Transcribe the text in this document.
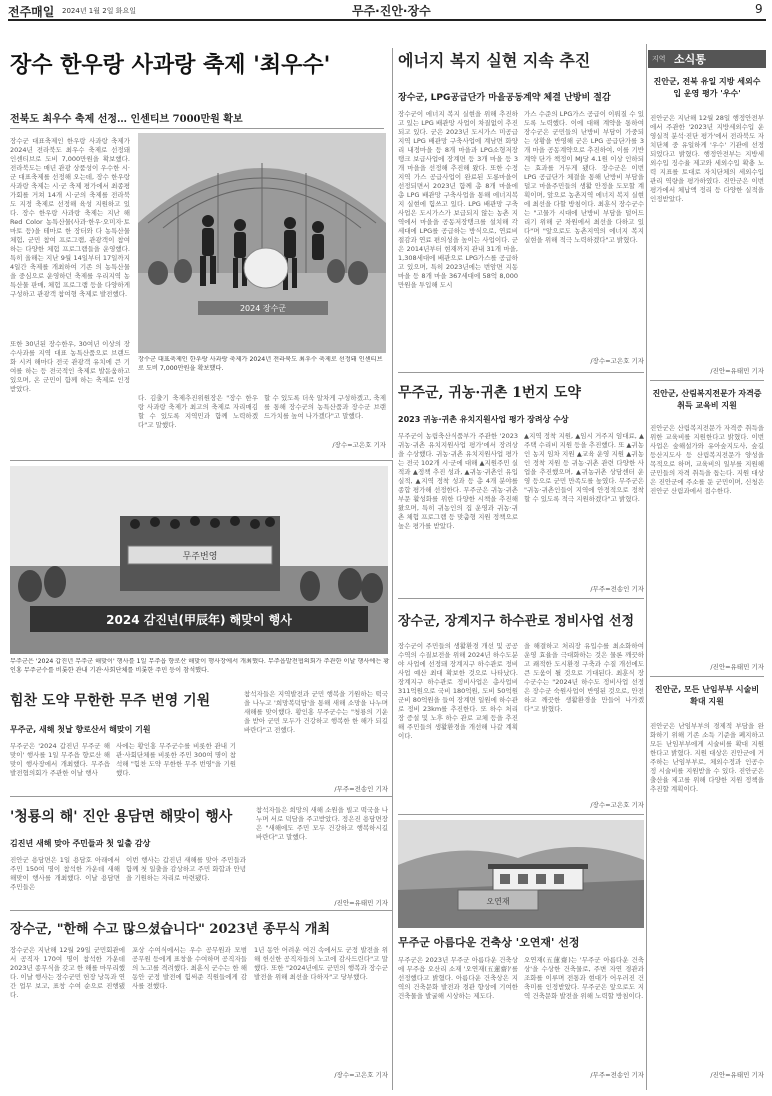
전주매일 2024년 1월 2일 화요일	무주·진안·장수	9
장수 한우랑 사과랑 축제 '최우수'
전북도 최우수 축제 선정… 인센티브 7000만원 확보
장수군 대표축제인 한우랑 사과랑 축제가 2024년 전라북도 최우수 축제로 선정돼 인센티브로 도비 7,000만원을 확보했다. 전라북도는 매년 관광 상품성이 우수한 시·군 대표축제를 선정해 오는데, 장수 한우랑 사과랑 축제는 시·군 축제 평가에서 최종평가회를 거쳐 14개 시·군의 축제를 전라북도 지정 축제로 선정해 육성 지원하고 있다. 장수 한우랑 사과랑 축제는 지난 해 Red Color 농특산물(사과·한우·오미자·토마토 등)을 테마로 한 장터와 다 농특산물 체험, 군민 참여 프로그램, 관광객이 참여하는 다양한 체험 프로그램들을 운영했다. 특히 올해는 지난 9월 14일부터 17일까지 4일간 축제를 개최하여 기존 의 농특산물을 중심으로 운영하던 축제를 우리지역 농특산물 판매, 체험 프로그램 등을 다양하게 구성하고 관광객 참여형 축제로 발전했다.
또한 30년된 장수한우, 30여년 이상의 장수사과를 지역 대표 농특산품으로 브랜드화 시켜 해마다 전국 관광객 유치에 큰 기여를 하는 등 전국적인 축제로 발돋움하고 있으며, 온 군민이 함께 하는 축제로 인정받았다.
2024 장수군
장수군 대표축제인 한우랑 사과랑 축제가 2024년 전라북도 최우수 축제로 선정돼 인센티브로 도비 7,000만원을 확보했다.
다. 김출기 축제추진위원장은 "장수 한우랑 사과랑 축제가 최고의 축제로 자리매김할 수 있도록 지역민과 함께 노력하겠다"고 말했다.
할 수 있도록 더욱 알차게 구성하겠고, 축제를 통해 장수군의 농특산품과 장수군 브랜드가치를 높여 나가겠다"고 말했다.
/장수=고은호 기자
에너지 복지 실현 지속 추진
장수군, LPG공급단가 마을공동계약 체결 난방비 절감
장수군이 에너지 복지 실현을 위해 추진하고 있는 LPG 배관망 사업이 차질없이 추진되고 있다. 군은 2023년 도시가스 미공급지역 LPG 배관망 구축사업에 계남면 화양리 내정마을 등 8개 마을과 LPG소형저장탱크 보급사업에 장계면 등 3개 마을 등 3개 마을을 선정해 추진해 왔다. 또한 수정지역 가스 공급사업이 완료된 도롱마을이 선정되면서 2023년 함께 총 8개 마을에 총 LPG 배관망 구축사업을 통해 에너지복지 실현에 힘쓰고 있다. LPG 배관망 구축사업은 도시가스가 보급되지 않는 농촌 지역에서 마을을 공동저장탱크를 설치해 각 세대에 LPG를 공급하는 방식으로, 연료비 절감과 연료 편의성을 높이는 사업이다. 군은 2014년부터 현재까지 관내 31개 마을, 1,308세대에 배관으로 LPG가스를 공급하고 있으며, 특히 2023년에는 번암면 지동마을 등 8개 마을 367세대에 58억 8,000만원을 투입해 도시
가스 수준의 LPG가스 공급이 이뤄질 수 있도록 노력했다. 이에 대해 계약을 통하여 장수군은 군민들의 난방비 부담이 가중되는 상황을 반영해 군은 LPG 공급단가를 3개 마을 공동계약으로 추진하여, 이를 기반 계약 단가 책정이 MJ당 4.1원 이상 인하되는 효과를 거두게 됐다. 장수군은 이번 LPG 공급단가 체결을 통해 난방비 부담을 덜고 마을주민들의 생활 안정을 도모할 계획이며, 앞으로 농촌지역 에너지 복지 실현에 최선을 다할 방침이다. 최훈식 장수군수는 "고물가 시대에 난방비 부담을 덜어드리기 위해 군 차원에서 최선을 다하고 있다"며 "앞으로도 농촌지역의 에너지 복지 실현을 위해 적극 노력하겠다"고 밝혔다.
/장수=고은호 기자
무주군, 귀농·귀촌 1번지 도약
2023 귀농·귀촌 유치지원사업 평가 장려상 수상
무주군이 농림축산식품부가 주관한 '2023 귀농·귀촌 유치지원사업 평가'에서 장려상을 수상했다. 귀농·귀촌 유치지원사업 평가는 전국 102개 시·군에 대해 ▲지원주민 실적과 ▲정책 추진 성과, ▲귀농·귀촌인 유입 실적, ▲지역 정착 성과 등 총 4개 분야를 종합 평가해 선정한다. 무주군은 귀농·귀촌 부문 활성화를 위한 다양한 시책을 추진해 왔으며, 특히 귀농인의 집 운영과 귀농·귀촌 체험 프로그램 등 맞춤형 지원 정책으로 높은 평가를 받았다.
▲지역 정착 지원, ▲임시 거주지 임대료, ▲주택 수리비 지원 등을 추진했다. 또 ▲귀농인 농지 임차 지원 ▲교육 운영 지원 ▲귀농인 정착 지원 등 귀농·귀촌 관련 다양한 사업을 추진했으며, ▲귀농귀촌 상담센터 운영 등으로 군민 만족도를 높였다. 무주군은 "귀농·귀촌인들이 지역에 안정적으로 정착할 수 있도록 적극 지원하겠다"고 밝혔다.
/무주=전송인 기자
장수군, 장계지구 하수관로 정비사업 선정
장수군이 주민들의 생활환경 개선 및 공공수역의 수질보전을 위해 2024년 하수도분야 사업에 선정돼 장계지구 하수관로 정비사업 예산 최대 확보한 것으로 나타났다. 장계지구 하수관로 정비사업은 총사업비 311억원으로 국비 180억원, 도비 50억원 군비 80억원을 들여 장계면 일원에 하수관로 정비 23km를 추진한다. 또 하수 처리장 증설 및 노후 하수 관로 교체 등을 추진해 주민들의 생활환경을 개선해 나갈 계획이다.
을 해결하고 처리장 유입수를 최소화하여 운영 효율을 극대화하는 것은 물론 깨끗하고 쾌적한 도시환경 구축과 수질 개선에도 큰 도움이 될 것으로 기대된다. 최훈식 장수군수는 "2024년 하수도 정비사업 선정은 장수군 숙원사업이 반영된 것으로, 안전하고 깨끗한 생활환경을 만들어 나가겠다"고 밝혔다.
/장수=고은호 기자
무주번영
2024 감진년(甲辰年) 해맞이 행사
무주군은 '2024 갑진년 무주군 해맞이' 행사를 1일 무주읍 향로산 해맞이 행사장에서 개최했다. 무주읍발전협의회가 주관한 이날 행사에는 황인홍 무주군수를 비롯한 관내 기관·사회단체를 비롯한 주민 등이 참석했다.
힘찬 도약 무한한 무주 번영 기원
무주군, 새해 첫날 향로산서 해맞이 기원
무주군은 '2024 갑진년 무주군 해맞이' 행사를 1일 무주읍 향로산 해맞이 행사장에서 개최했다. 무주읍발전협의회가 주관한 이날 행사
사에는 황인홍 무주군수를 비롯한 관내 기관·사회단체를 비롯한 주민 300여 명이 참석해 "힘찬 도약 무한한 무주 번영"을 기원했다.
참석자들은 지역발전과 군민 행복을 기원하는 떡국을 나누고 '희망복덕담'을 통해 새해 소망을 나누며 새해를 맞이했다. 황인홍 무주군수는 "청룡의 기운을 받아 군민 모두가 건강하고 행복한 한 해가 되길 바란다"고 전했다.
/무주=전송인 기자
'청룡의 해' 진안 용담면 해맞이 행사
김진년 새해 맞아 주민들과 첫 일출 감상
진안군 용담면은 1일 용담호 아래에서 주민 150여 명이 참석한 가운데 새해 해맞이 행사를 개최했다. 이날 용담면 주민들은
이번 행사는 갑진년 새해를 맞아 주민들과 함께 첫 일출을 감상하고 주민 화합과 안녕을 기원하는 자리로 마련됐다.
참석자들은 희망의 새해 소원을 빌고 떡국을 나누며 서로 덕담을 주고받았다. 정은진 용담면장은 "새해에도 주민 모두 건강하고 행복하시길 바란다"고 말했다.
/진안=유태민 기자
장수군, "한해 수고 많으셨습니다" 2023년 종무식 개최
장수군은 지난해 12월 29일 군민회관에서 공직자 170여 명이 참석한 가운데 2023년 종무식을 갖고 한 해를 마무리했다. 이날 행사는 장수군민 헌장 낭독과 연간 업무 보고, 표창 수여 순으로 진행됐다.
포상 수여식에서는 우수 공무원과 모범 공무원 등에게 표창을 수여하며 공직자들의 노고를 격려했다. 최훈식 군수는 한 해 동안 군정 발전에 힘써준 직원들에게 감사를 전했다.
1년 동안 어려운 여건 속에서도 군정 발전을 위해 헌신한 공직자들의 노고에 감사드린다"고 말했다. 또한 "2024년에도 군민의 행복과 장수군 발전을 위해 최선을 다하자"고 당부했다.
/장수=고은호 기자
오연재
무주군 아름다운 건축상 '오연재' 선정
무주군은 2023년 무주군 아름다운 건축상에 무주읍 오산리 소재 '오연재(五蓮齋)'를 선정했다고 밝혔다. 아름다운 건축상은 지역의 건축문화 발전과 경관 향상에 기여한 건축물을 발굴해 시상하는 제도다.
오연재(五蓮齋)는 '무주군 아름다운 건축상'을 수상한 건축물로, 주변 자연 경관과 조화를 이루며 전통과 현대가 어우러진 건축미를 인정받았다. 무주군은 앞으로도 지역 건축문화 발전을 위해 노력할 방침이다.
/무주=전송인 기자
지역 소식통
진안군, 전북 유일 지방 세외수입 운영 평가 '우수'
진안군은 지난해 12월 28일 행정안전부에서 주관한 '2023년 지방세외수입 운영실적 분석·진단 평가'에서 전라북도 자치단체 중 유일하게 '우수' 기관에 선정되었다고 밝혔다. 행정안전부는 지방세외수입 징수율 제고와 세외수입 확충 노력 지표를 토대로 자치단체의 세외수입 관리 역량을 평가하였다. 진안군은 이번 평가에서 체납액 정리 등 다양한 실적을 인정받았다.
/진안=유태민 기자
진안군, 산림복지전문가 자격증 취득 교육비 지원
진안군은 산림복지전문가 자격증 취득을 위한 교육비를 지원한다고 밝혔다. 이번 사업은 숲해설가와 유아숲지도사, 숲길등산지도사 등 산림복지전문가 양성을 목적으로 하며, 교육비의 일부를 지원해 군민들의 자격 취득을 돕는다. 지원 대상은 진안군에 주소를 둔 군민이며, 신청은 진안군 산림과에서 접수한다.
/진안=유태민 기자
진안군, 모든 난임부부 시술비 확대 지원
진안군은 난임부부의 경제적 부담을 완화하기 위해 기존 소득 기준을 폐지하고 모든 난임부부에게 시술비를 확대 지원한다고 밝혔다. 지원 대상은 진안군에 거주하는 난임부부로, 체외수정과 인공수정 시술비를 지원받을 수 있다. 진안군은 출산율 제고를 위해 다양한 지원 정책을 추진할 계획이다.
/진안=유태민 기자
